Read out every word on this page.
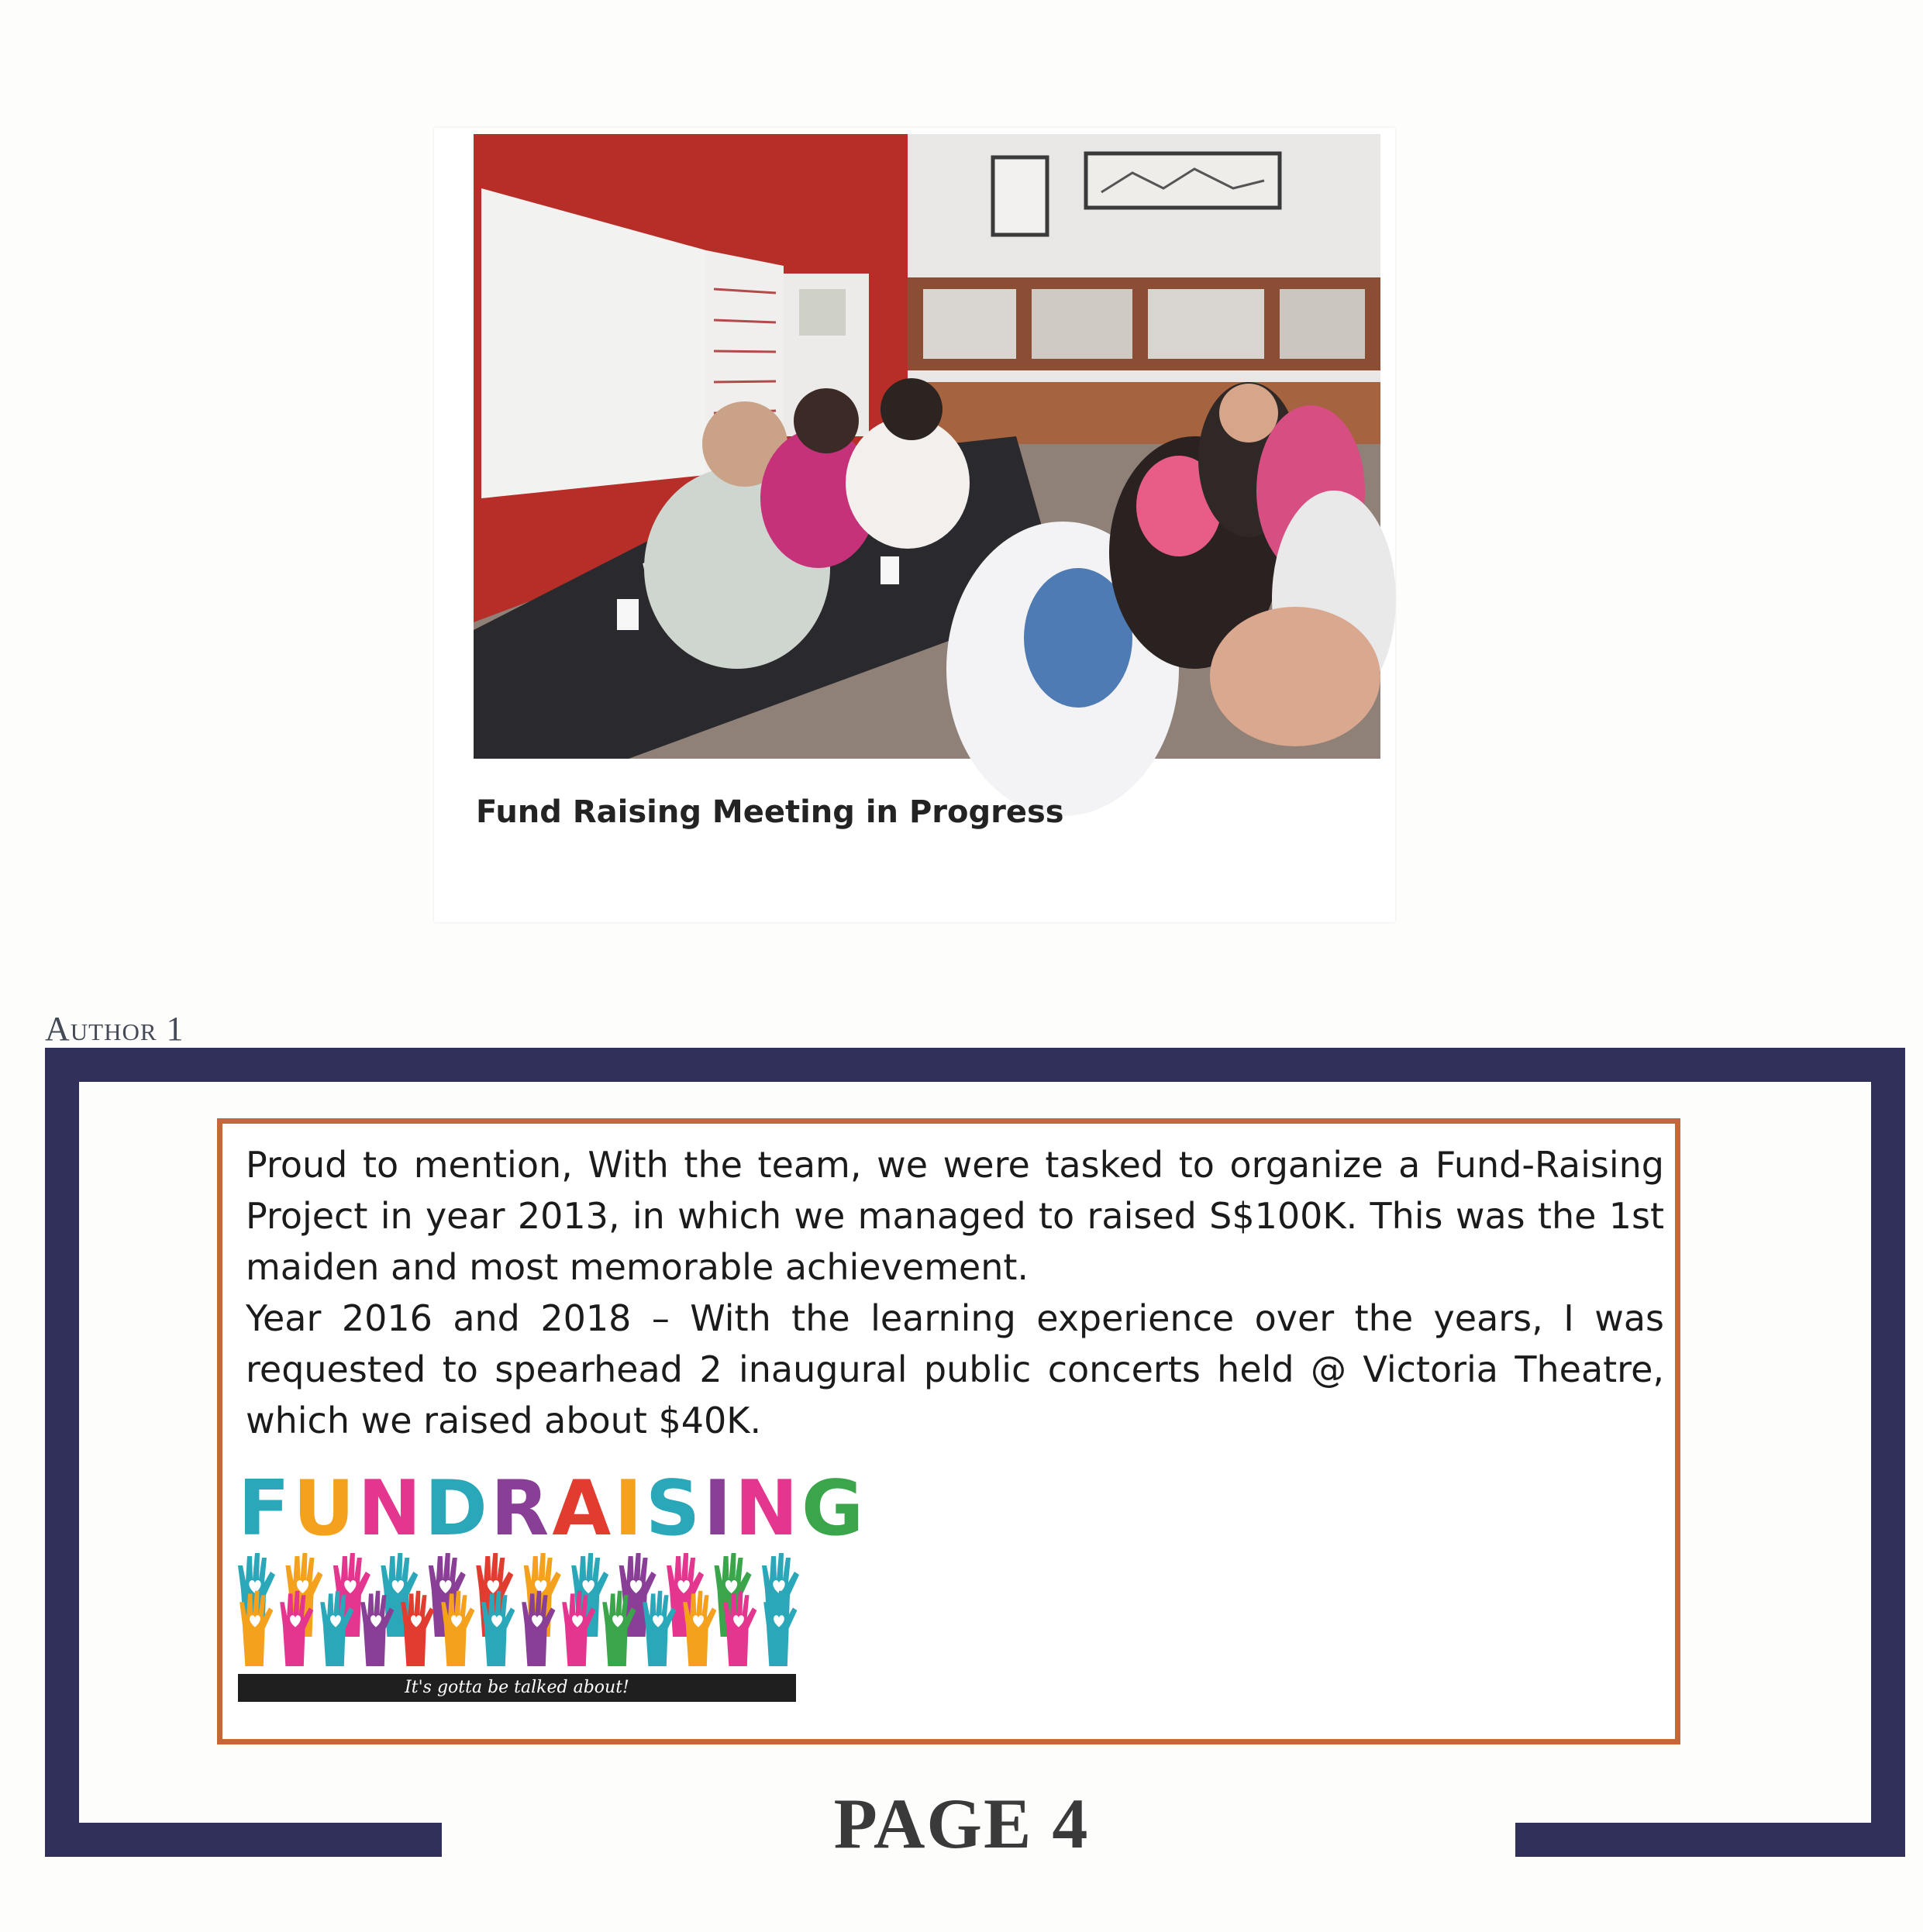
Fund Raising Meeting in Progress

Author 1

Proud to mention, With the team, we were tasked to organize a Fund-Raising Project in year 2013, in which we managed to raised S$100K. This was the 1st maiden and most memorable achievement.

Year 2016 and 2018 – With the learning experience over the years, I was requested to spearhead 2 inaugural public concerts held @ Victoria Theatre, which we raised about $40K.

FUNDRAISING

It's gotta be talked about!

PAGE 4
